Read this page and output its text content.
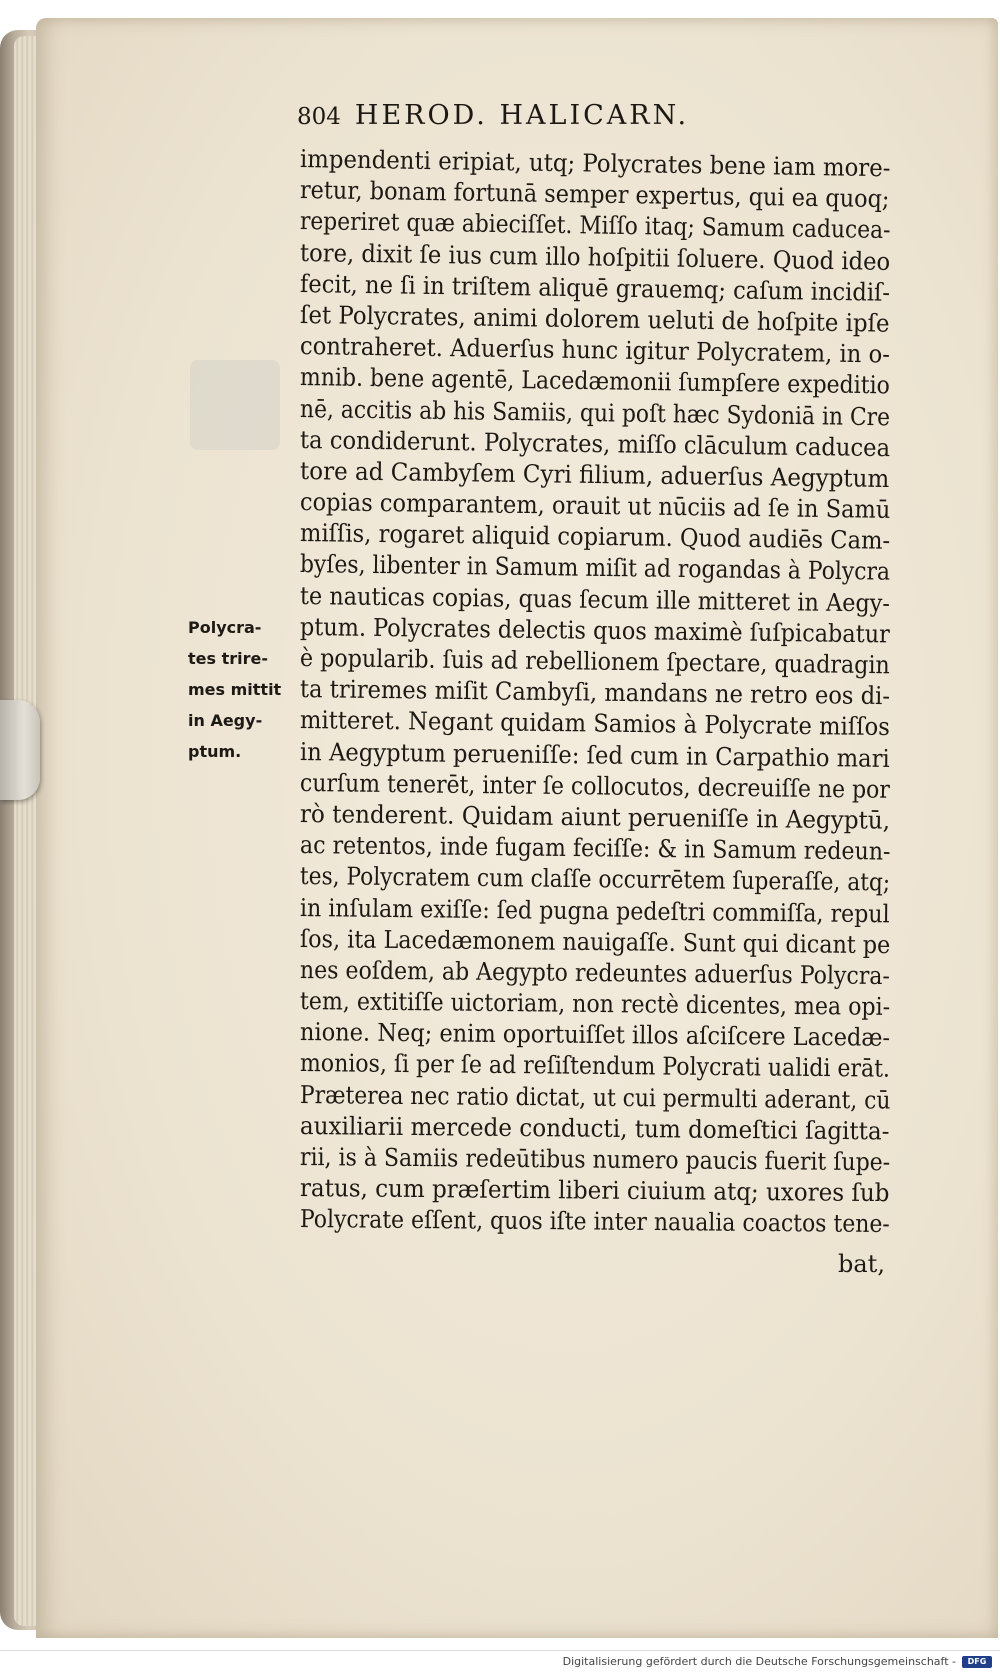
804 HEROD. HALICARN.
impendenti eripiat, utq; Polycrates bene iam more-
retur, bonam fortunā semper expertus, qui ea quoq;
reperiret quæ abieciſſet. Miſſo itaq; Samum caducea-
tore, dixit ſe ius cum illo hoſpitii ſoluere. Quod ideo
fecit, ne ſi in triſtem aliquē grauemq; caſum incidiſ-
ſet Polycrates, animi dolorem ueluti de hoſpite ipſe
contraheret. Aduerſus hunc igitur Polycratem, in o-
mnib. bene agentē, Lacedæmonii ſumpſere expeditio
nē, accitis ab his Samiis, qui poſt hæc Sydoniā in Cre
ta condiderunt. Polycrates, miſſo clāculum caducea
tore ad Cambyſem Cyri filium, aduerſus Aegyptum
copias comparantem, orauit ut nūciis ad ſe in Samū
miſſis, rogaret aliquid copiarum. Quod audiēs Cam-
byſes, libenter in Samum miſit ad rogandas à Polycra
te nauticas copias, quas ſecum ille mitteret in Aegy-
ptum. Polycrates delectis quos maximè ſuſpicabatur
è popularib. ſuis ad rebellionem ſpectare, quadragin
ta triremes miſit Cambyſi, mandans ne retro eos di-
mitteret. Negant quidam Samios à Polycrate miſſos
in Aegyptum perueniſſe: ſed cum in Carpathio mari
curſum tenerēt, inter ſe collocutos, decreuiſſe ne por
rò tenderent. Quidam aiunt perueniſſe in Aegyptū,
ac retentos, inde fugam feciſſe: & in Samum redeun-
tes, Polycratem cum claſſe occurrētem ſuperaſſe, atq;
in inſulam exiſſe: ſed pugna pedeſtri commiſſa, repul
ſos, ita Lacedæmonem nauigaſſe. Sunt qui dicant pe
nes eoſdem, ab Aegypto redeuntes aduerſus Polycra-
tem, extitiſſe uictoriam, non rectè dicentes, mea opi-
nione. Neq; enim oportuiſſet illos aſciſcere Lacedæ-
monios, ſi per ſe ad reſiſtendum Polycrati ualidi erāt.
Præterea nec ratio dictat, ut cui permulti aderant, cū
auxiliarii mercede conducti, tum domeſtici ſagitta-
rii, is à Samiis redeūtibus numero paucis fuerit ſupe-
ratus, cum præſertim liberi ciuium atq; uxores ſub
Polycrate eſſent, quos iſte inter naualia coactos tene-
Polycra-
tes trire-
mes mittit
in Aegy-
ptum.
bat,
Digitalisierung gefördert durch die Deutsche Forschungsgemeinschaft -	DFG
